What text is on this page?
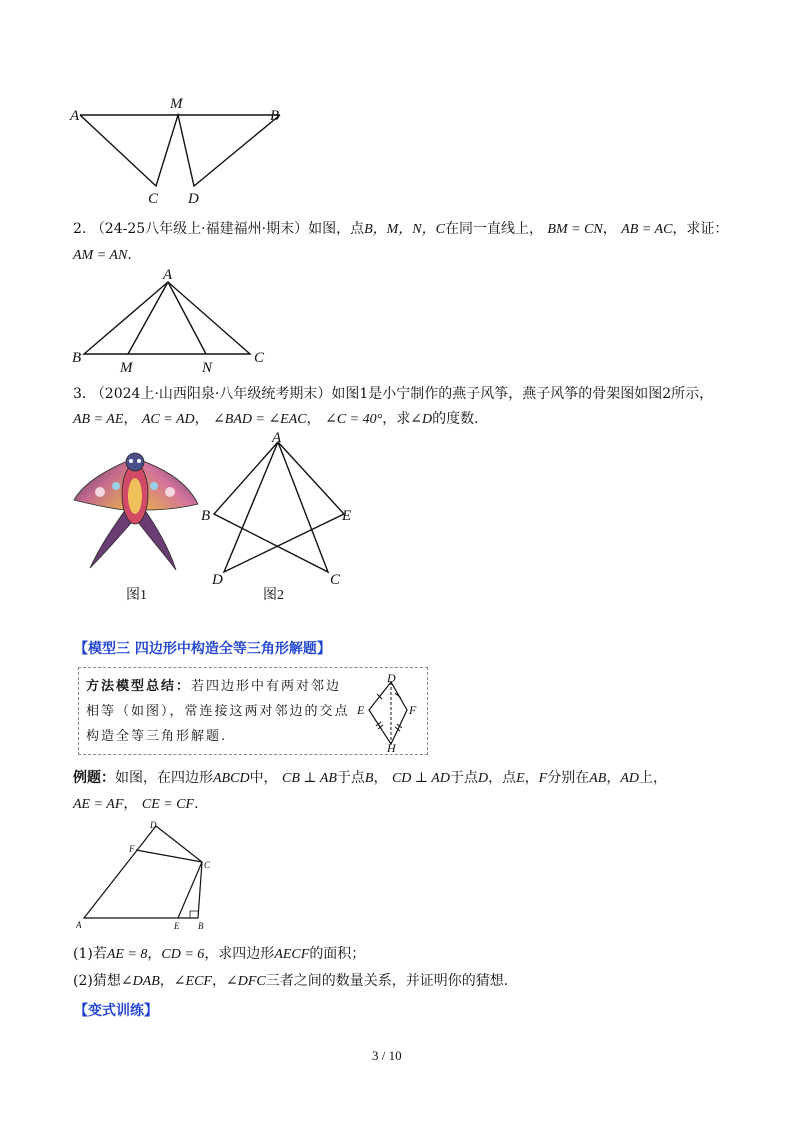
A
M
B
C D
2. （24-25八年级上·福建福州·期末）如图，点B，M，N，C在同一直线上， BM = CN， AB = AC，求证：
AM = AN.
A
B
M	N
C
3. （2024上·山西阳泉·八年级统考期末）如图1是小宁制作的燕子风筝，燕子风筝的骨架图如图2所示，
AB = AE， AC = AD， ∠BAD = ∠EAC， ∠C = 40°，求∠D的度数.
A
B	E
D	C
图1	图2
【模型三 四边形中构造全等三角形解题】
方法模型总结：若四边形中有两对邻边
相等（如图），常连接这两对邻边的交点
构造全等三角形解题.
D
E	F
H
例题：如图，在四边形ABCD中， CB ⊥ AB于点B， CD ⊥ AD于点D，点E，F分别在AB，AD上，
AE = AF， CE = CF.
D
F
C
A	E B
(1)若AE = 8，CD = 6，求四边形AECF的面积；
(2)猜想∠DAB，∠ECF，∠DFC三者之间的数量关系，并证明你的猜想.
【变式训练】
3 / 10
